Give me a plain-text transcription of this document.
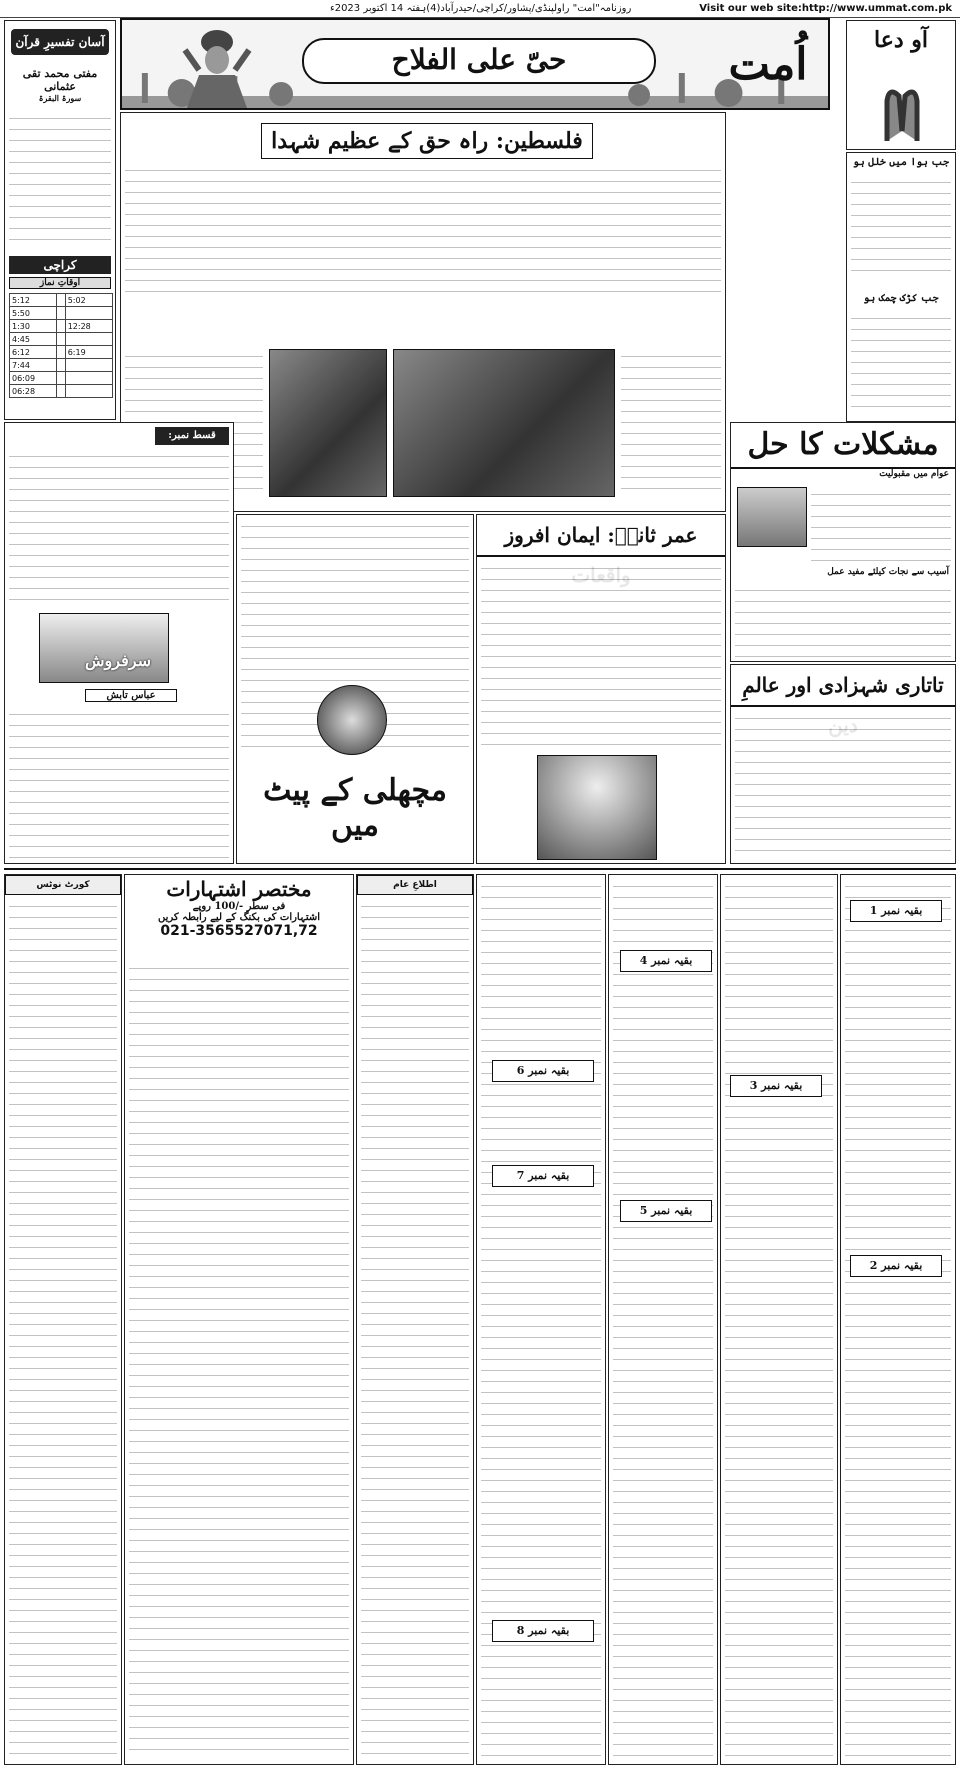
روزنامہ"امت" راولپنڈی/پشاور/کراچی/حیدرآباد(4)ہفتہ 14 اکتوبر 2023ء	Visit our web site:http://www.ummat.com.pk
حیّ علی الفلاح	اُمت	آو دعا
آسان تفسیرِ قرآن
مفتی محمد تقی عثمانی
سورۃ البقرۃ
کراچی
اوقاتِ نماز
5:12		5:02
5:50		
1:30		12:28
4:45		
6:12		6:19
7:44		
06:09		
06:28		
فلسطین: راہ حق کے عظیم شہدا
جب ہوا میں خلل ہو
جب کڑک چمک ہو
مشکلات کا حل
عوام میں مقبولیت
آسیب سے نجات کیلئے مفید عمل
تاتاری شہزادی اور عالمِ
قسط نمبر:
سرفروش
عباس تابش
عمر ثانیؒ: ایمان افروز
مچھلی کے پیٹ میں
کورٹ نوٹس	مختصر اشتہارات
فی سطر -/100 روپے
اشتہارات کی بکنگ کے لیے رابطہ کریں
021-3565527071,72
اطلاعِ عام
بقیہ نمبر 1
بقیہ نمبر 2
بقیہ نمبر 3
بقیہ نمبر 4
بقیہ نمبر 5
بقیہ نمبر 6
بقیہ نمبر 7
بقیہ نمبر 8
